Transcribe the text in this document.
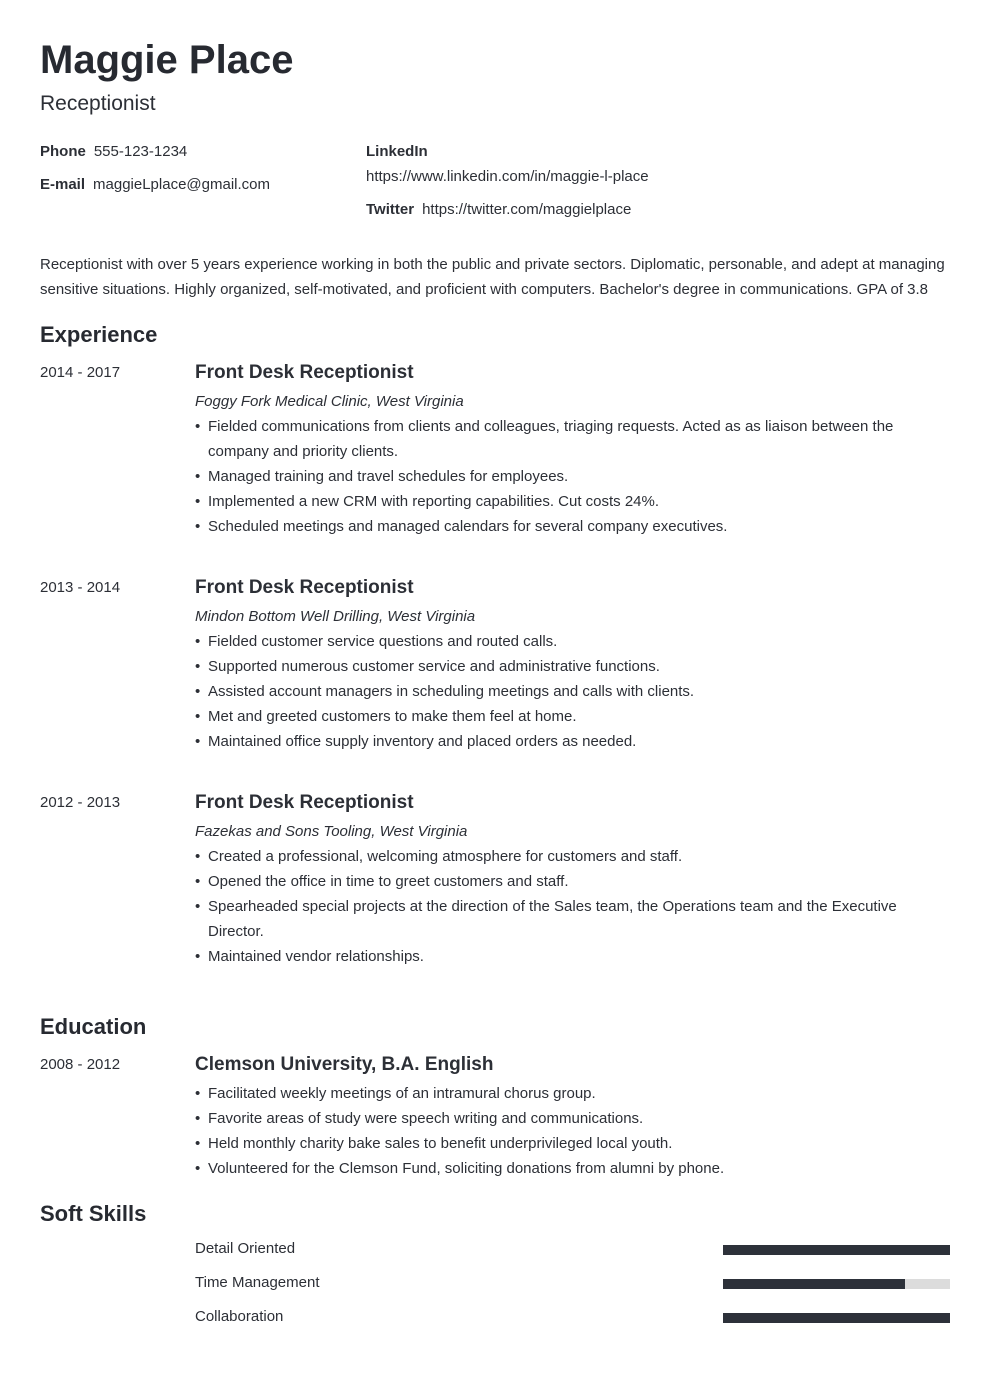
Maggie Place
Receptionist
Phone 555-123-1234
E-mail maggieLplace@gmail.com
LinkedIn
https://www.linkedin.com/in/maggie-l-place
Twitter https://twitter.com/maggielplace
Receptionist with over 5 years experience working in both the public and private sectors. Diplomatic, personable, and adept at managing sensitive situations. Highly organized, self-motivated, and proficient with computers. Bachelor's degree in communications. GPA of 3.8
Experience
2014 - 2017	Front Desk Receptionist
Foggy Fork Medical Clinic, West Virginia
• Fielded communications from clients and colleagues, triaging requests. Acted as as liaison between the company and priority clients.
• Managed training and travel schedules for employees.
• Implemented a new CRM with reporting capabilities. Cut costs 24%.
• Scheduled meetings and managed calendars for several company executives.
2013 - 2014	Front Desk Receptionist
Mindon Bottom Well Drilling, West Virginia
• Fielded customer service questions and routed calls.
• Supported numerous customer service and administrative functions.
• Assisted account managers in scheduling meetings and calls with clients.
• Met and greeted customers to make them feel at home.
• Maintained office supply inventory and placed orders as needed.
2012 - 2013	Front Desk Receptionist
Fazekas and Sons Tooling, West Virginia
• Created a professional, welcoming atmosphere for customers and staff.
• Opened the office in time to greet customers and staff.
• Spearheaded special projects at the direction of the Sales team, the Operations team and the Executive Director.
• Maintained vendor relationships.
Education
2008 - 2012	Clemson University, B.A. English
• Facilitated weekly meetings of an intramural chorus group.
• Favorite areas of study were speech writing and communications.
• Held monthly charity bake sales to benefit underprivileged local youth.
• Volunteered for the Clemson Fund, soliciting donations from alumni by phone.
Soft Skills
Detail Oriented
Time Management
Collaboration
